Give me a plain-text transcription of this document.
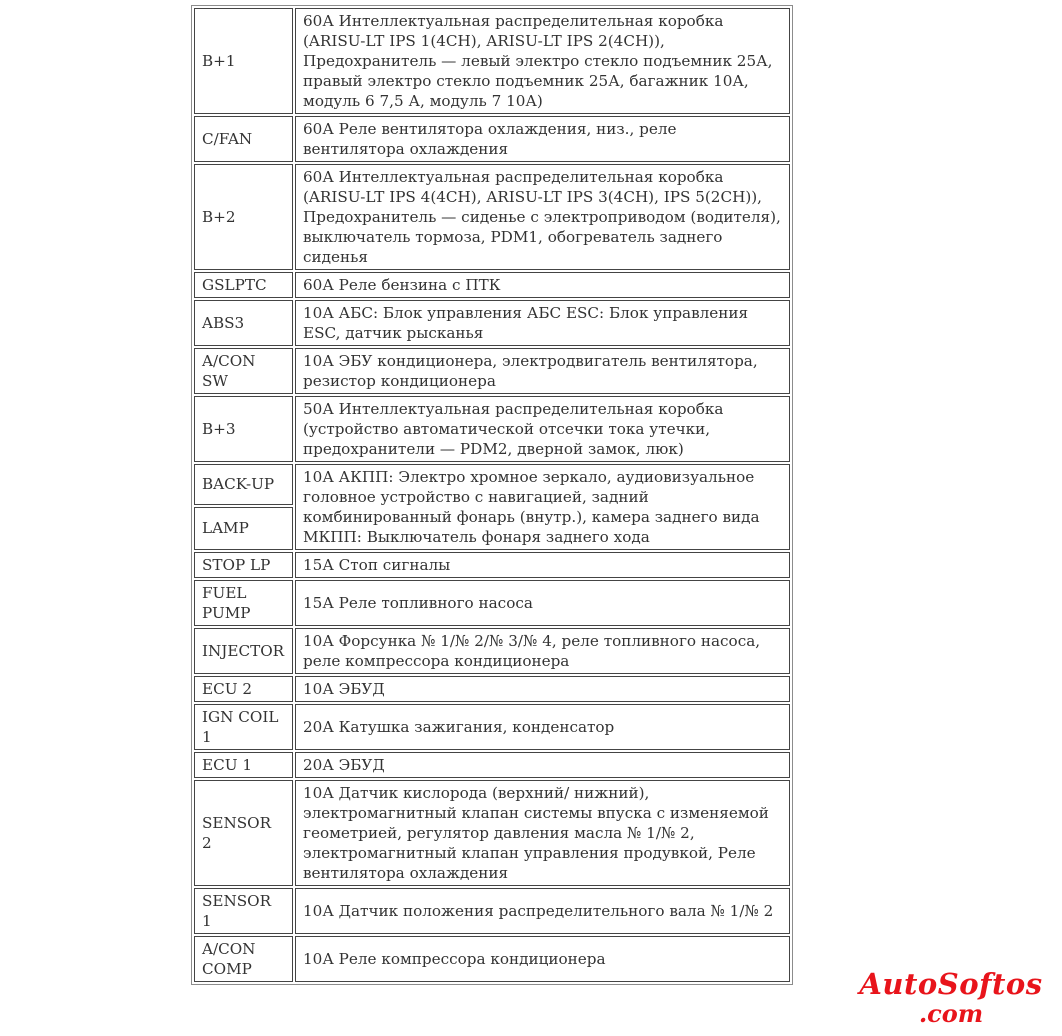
B+1	60А Интеллектуальная распределительная коробка (ARISU-LT IPS 1(4CH), ARISU-LT IPS 2(4CH)), Предохранитель — левый электро стекло подъемник 25А, правый электро стекло подъемник 25А, багажник 10А, модуль 6 7,5 А, модуль 7 10А)
C/FAN	60А Реле вентилятора охлаждения, низ., реле вентилятора охлаждения
B+2	60А Интеллектуальная распределительная коробка (ARISU-LT IPS 4(4CH), ARISU-LT IPS 3(4CH), IPS 5(2CH)), Предохранитель — сиденье с электроприводом (водителя), выключатель тормоза, PDM1, обогреватель заднего сиденья
GSLPTC	60А Реле бензина с ПТК
ABS3	10А АБС: Блок управления АБС ESC: Блок управления ESC, датчик рысканья
A/CON SW	10А ЭБУ кондиционера, электродвигатель вентилятора, резистор кондиционера
B+3	50А Интеллектуальная распределительная коробка (устройство автоматической отсечки тока утечки, предохранители — PDM2, дверной замок, люк)
BACK-UP	10А АКПП: Электро хромное зеркало, аудиовизуальное головное устройство с навигацией, задний комбинированный фонарь (внутр.), камера заднего вида МКПП: Выключатель фонаря заднего хода
LAMP	
STOP LP	15А Стоп сигналы
FUEL PUMP	15А Реле топливного насоса
INJECTOR	10А Форсунка № 1/№ 2/№ 3/№ 4, реле топливного насоса, реле компрессора кондиционера
ECU 2	10А ЭБУД
IGN COIL 1	20А Катушка зажигания, конденсатор
ECU 1	20А ЭБУД
SENSOR 2	10А Датчик кислорода (верхний/ нижний), электромагнитный клапан системы впуска с изменяемой геометрией, регулятор давления масла № 1/№ 2, электромагнитный клапан управления продувкой, Реле вентилятора охлаждения
SENSOR 1	10А Датчик положения распределительного вала № 1/№ 2
A/CON COMP	10А Реле компрессора кондиционера
AutoSoftos
.com
